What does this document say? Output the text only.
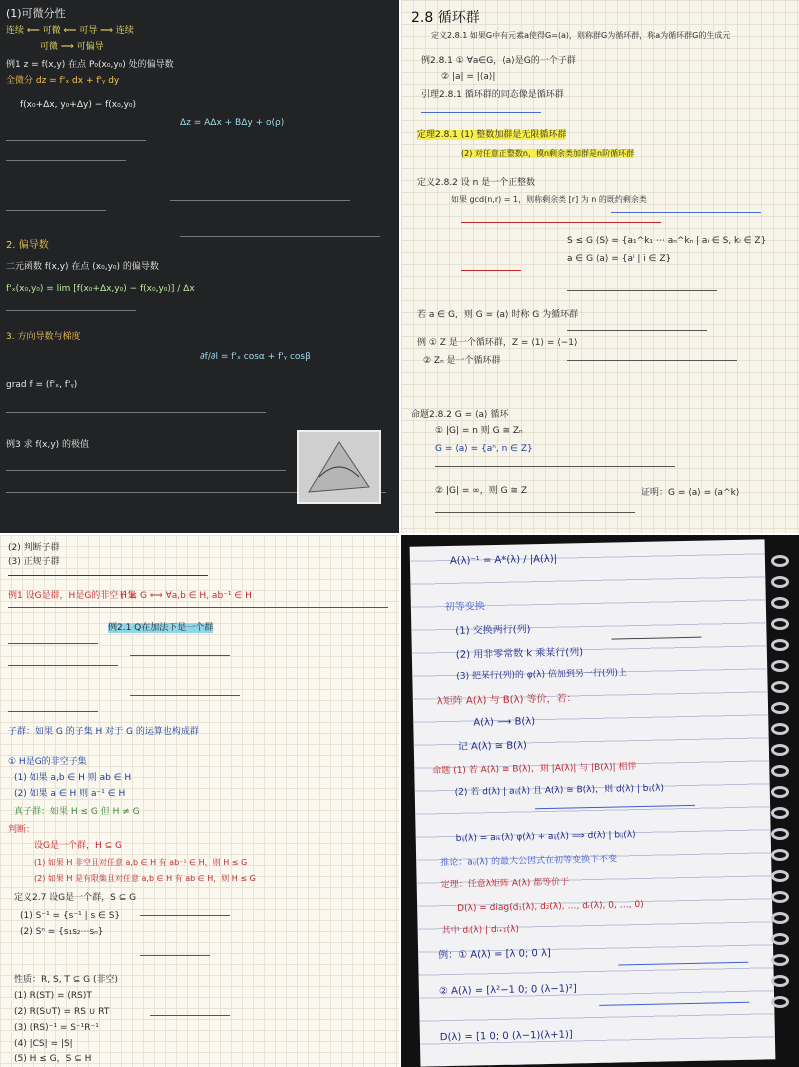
(1)可微分性
连续 ⟸ 可微 ⟸ 可导 ⟹ 连续
可微 ⟹ 可偏导
例1 z = f(x,y) 在点 P₀(x₀,y₀) 处的偏导数
全微分 dz = f'ₓ dx + f'ᵧ dy
f(x₀+Δx, y₀+Δy) − f(x₀,y₀)
Δz = AΔx + BΔy + o(ρ)
2. 偏导数
二元函数 f(x,y) 在点 (x₀,y₀) 的偏导数
f'ₓ(x₀,y₀) = lim [f(x₀+Δx,y₀) − f(x₀,y₀)] / Δx
3. 方向导数与梯度
∂f/∂l = f'ₓ cosα + f'ᵧ cosβ
grad f = (f'ₓ, f'ᵧ)
例3 求 f(x,y) 的极值
2.8 循环群
定义2.8.1 如果G中有元素a使得G=⟨a⟩，则称群G为循环群，称a为循环群G的生成元
例2.8.1 ① ∀a∈G，⟨a⟩是G的一个子群
② |a| = |⟨a⟩|
引理2.8.1 循环群的同态像是循环群
定理2.8.1 (1) 整数加群是无限循环群
(2) 对任意正整数n，模n剩余类加群是n阶循环群
定义2.8.2 设 n 是一个正整数
如果 gcd(n,r) = 1，则称剩余类 [r] 为 n 的既约剩余类
S ≤ G ⟨S⟩ = {a₁^k₁ ⋯ aₙ^kₙ | aᵢ ∈ S, kᵢ ∈ Z}
a ∈ G ⟨a⟩ = {aⁱ | i ∈ Z}
若 a ∈ G，则 G = ⟨a⟩ 时称 G 为循环群
例 ① Z 是一个循环群，Z = ⟨1⟩ = ⟨−1⟩
② Zₙ 是一个循环群
命题2.8.2 G = ⟨a⟩ 循环
① |G| = n 则 G ≅ Zₙ
② |G| = ∞，则 G ≅ Z
G = ⟨a⟩ = {aⁿ, n ∈ Z}
证明：G = ⟨a⟩ = ⟨a^k⟩
(2) 判断子群
(3) 正规子群
例1 设G是群，H是G的非空子集
H ≤ G ⟺ ∀a,b ∈ H, ab⁻¹ ∈ H
例2.1 Q在加法下是一个群
子群：如果 G 的子集 H 对于 G 的运算也构成群
① H是G的非空子集
(1) 如果 a,b ∈ H 则 ab ∈ H
(2) 如果 a ∈ H 则 a⁻¹ ∈ H
真子群：如果 H ≤ G 但 H ≠ G
判断：
设G是一个群，H ⊆ G
(1) 如果 H 非空且对任意 a,b ∈ H 有 ab⁻¹ ∈ H，则 H ≤ G
(2) 如果 H 是有限集且对任意 a,b ∈ H 有 ab ∈ H，则 H ≤ G
定义2.7 设G是一个群，S ⊆ G
(1) S⁻¹ = {s⁻¹ | s ∈ S}
(2) Sⁿ = {s₁s₂⋯sₙ}
性质：R, S, T ⊆ G (非空)
(1) R(ST) = (RS)T
(2) R(S∪T) = RS ∪ RT
(3) (RS)⁻¹ = S⁻¹R⁻¹
(4) |CS| = |S|
(5) H ≤ G，S ⊆ H
A(λ)⁻¹ = A*(λ) / |A(λ)|
初等变换
(1) 交换两行(列)
(2) 用非零常数 k 乘某行(列)
(3) 把某行(列)的 φ(λ) 倍加到另一行(列)上
λ矩阵 A(λ) 与 B(λ) 等价，若：
A(λ) ⟶ B(λ)
记 A(λ) ≅ B(λ)
命题 (1) 若 A(λ) ≅ B(λ)，则 |A(λ)| 与 |B(λ)| 相伴
(2) 若 d(λ) | aᵢⱼ(λ) 且 A(λ) ≅ B(λ)，则 d(λ) | bᵢⱼ(λ)
bᵢⱼ(λ) = aᵢₖ(λ) φ(λ) + aᵢⱼ(λ) ⟹ d(λ) | bᵢⱼ(λ)
推论：aᵢⱼ(λ) 的最大公因式在初等变换下不变
定理：任意λ矩阵 A(λ) 都等价于
D(λ) = diag(d₁(λ), d₂(λ), …, dᵣ(λ), 0, …, 0)
其中 dᵢ(λ) | dᵢ₊₁(λ)
例：① A(λ) = [λ 0; 0 λ]
② A(λ) = [λ²−1 0; 0 (λ−1)²]
D(λ) = [1 0; 0 (λ−1)(λ+1)]
